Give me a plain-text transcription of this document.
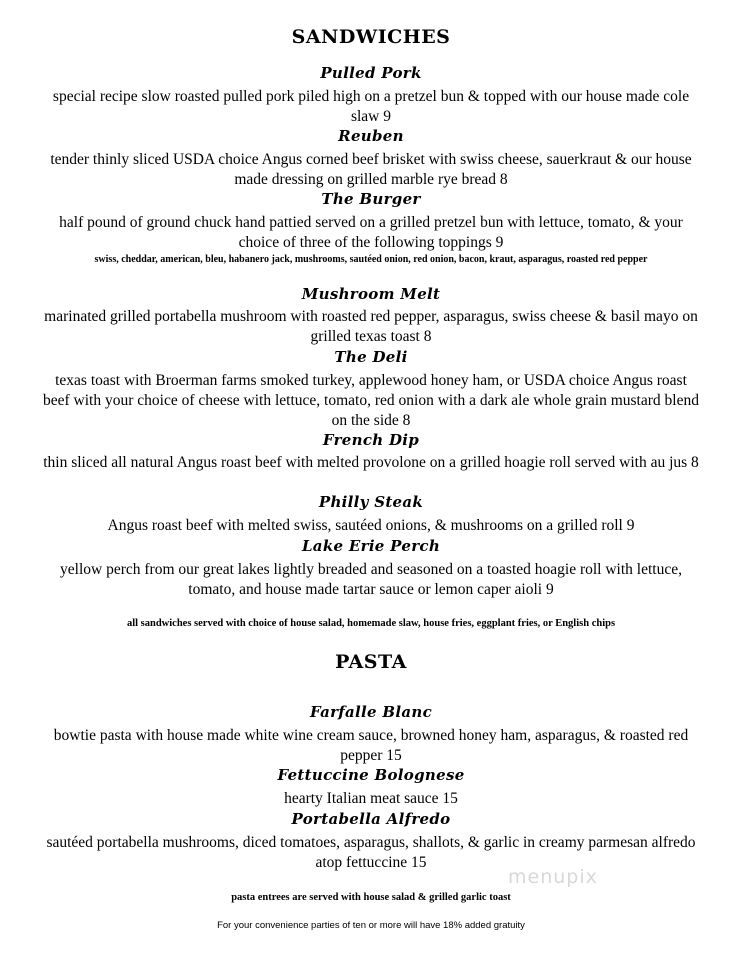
SANDWICHES
Pulled Pork
special recipe slow roasted pulled pork piled high on a pretzel bun & topped with our house made cole slaw 9
Reuben
tender thinly sliced USDA choice Angus corned beef brisket with swiss cheese, sauerkraut & our house made dressing on grilled marble rye bread 8
The Burger
half pound of ground chuck hand pattied served on a grilled pretzel bun with lettuce, tomato, & your choice of three of the following toppings 9
swiss, cheddar, american, bleu, habanero jack, mushrooms, sautéed onion, red onion, bacon, kraut, asparagus, roasted red pepper
Mushroom Melt
marinated grilled portabella mushroom with roasted red pepper, asparagus, swiss cheese & basil mayo on grilled texas toast 8
The Deli
texas toast with Broerman farms smoked turkey, applewood honey ham, or USDA choice Angus roast beef with your choice of cheese with lettuce, tomato, red onion with a dark ale whole grain mustard blend on the side 8
French Dip
thin sliced all natural Angus roast beef with melted provolone on a grilled hoagie roll served with au jus 8
Philly Steak
Angus roast beef with melted swiss, sautéed onions, & mushrooms on a grilled roll 9
Lake Erie Perch
yellow perch from our great lakes lightly breaded and seasoned on a toasted hoagie roll with lettuce, tomato, and house made tartar sauce or lemon caper aioli 9
all sandwiches served with choice of house salad, homemade slaw, house fries, eggplant fries, or English chips
PASTA
Farfalle Blanc
bowtie pasta with house made white wine cream sauce, browned honey ham, asparagus, & roasted red pepper 15
Fettuccine Bolognese
hearty Italian meat sauce 15
Portabella Alfredo
sautéed portabella mushrooms, diced tomatoes, asparagus, shallots, & garlic in creamy parmesan alfredo atop fettuccine 15
pasta entrees are served with house salad & grilled garlic toast
For your convenience parties of ten or more will have 18% added gratuity
menupix
